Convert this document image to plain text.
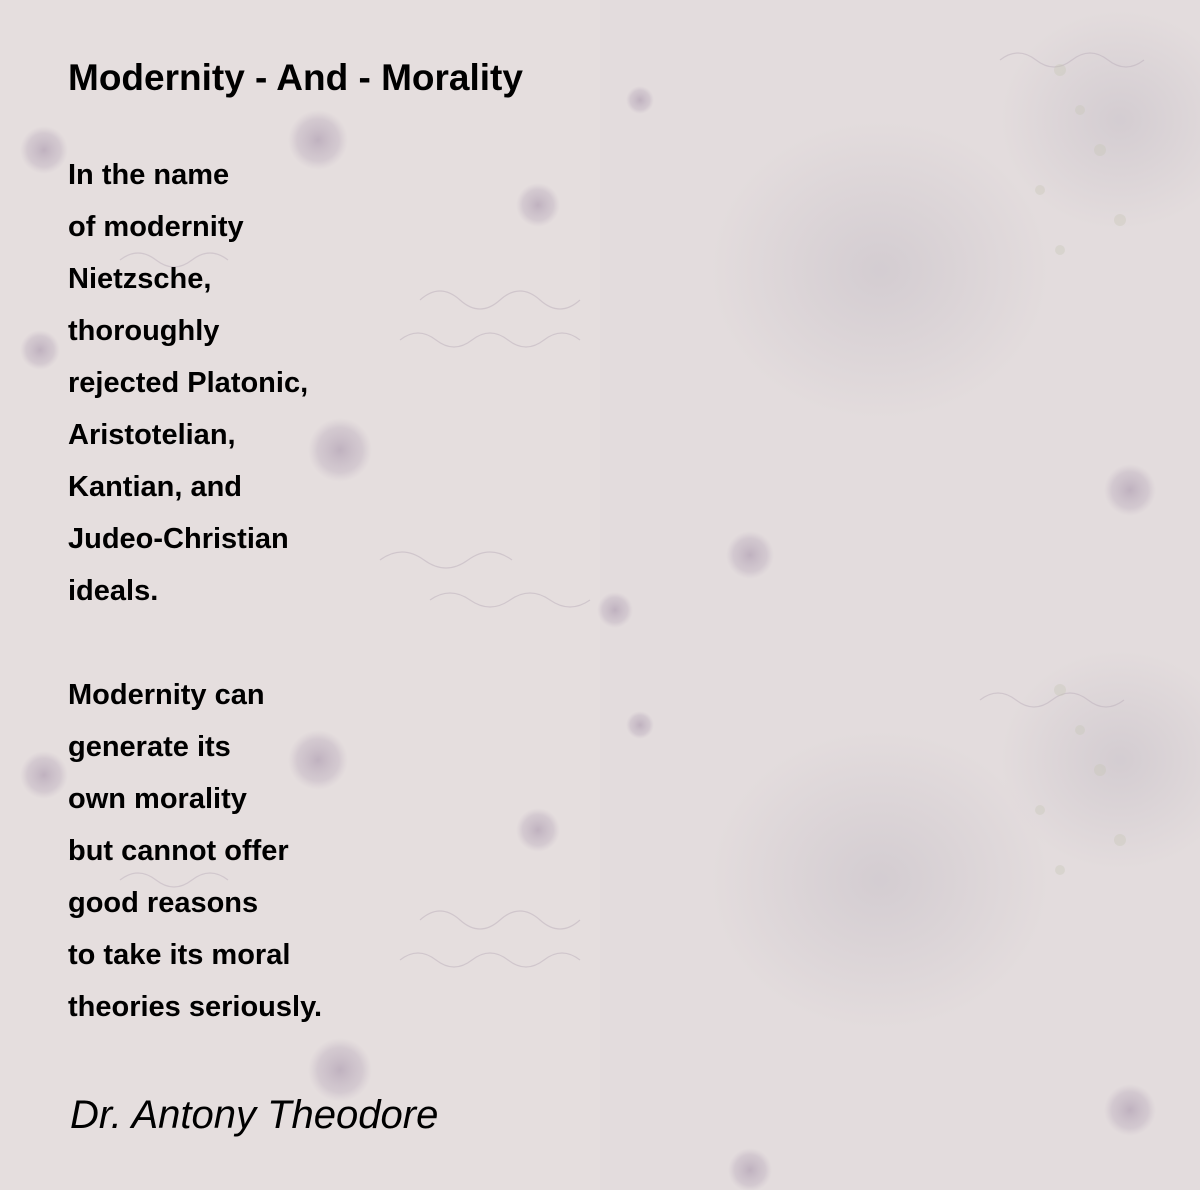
Modernity - And - Morality
In the name
of modernity
Nietzsche,
thoroughly
rejected Platonic,
Aristotelian,
Kantian, and
Judeo-Christian
ideals.
Modernity can
generate its
own morality
but cannot offer
good reasons
to take its moral
theories seriously.

Dr. Antony Theodore
